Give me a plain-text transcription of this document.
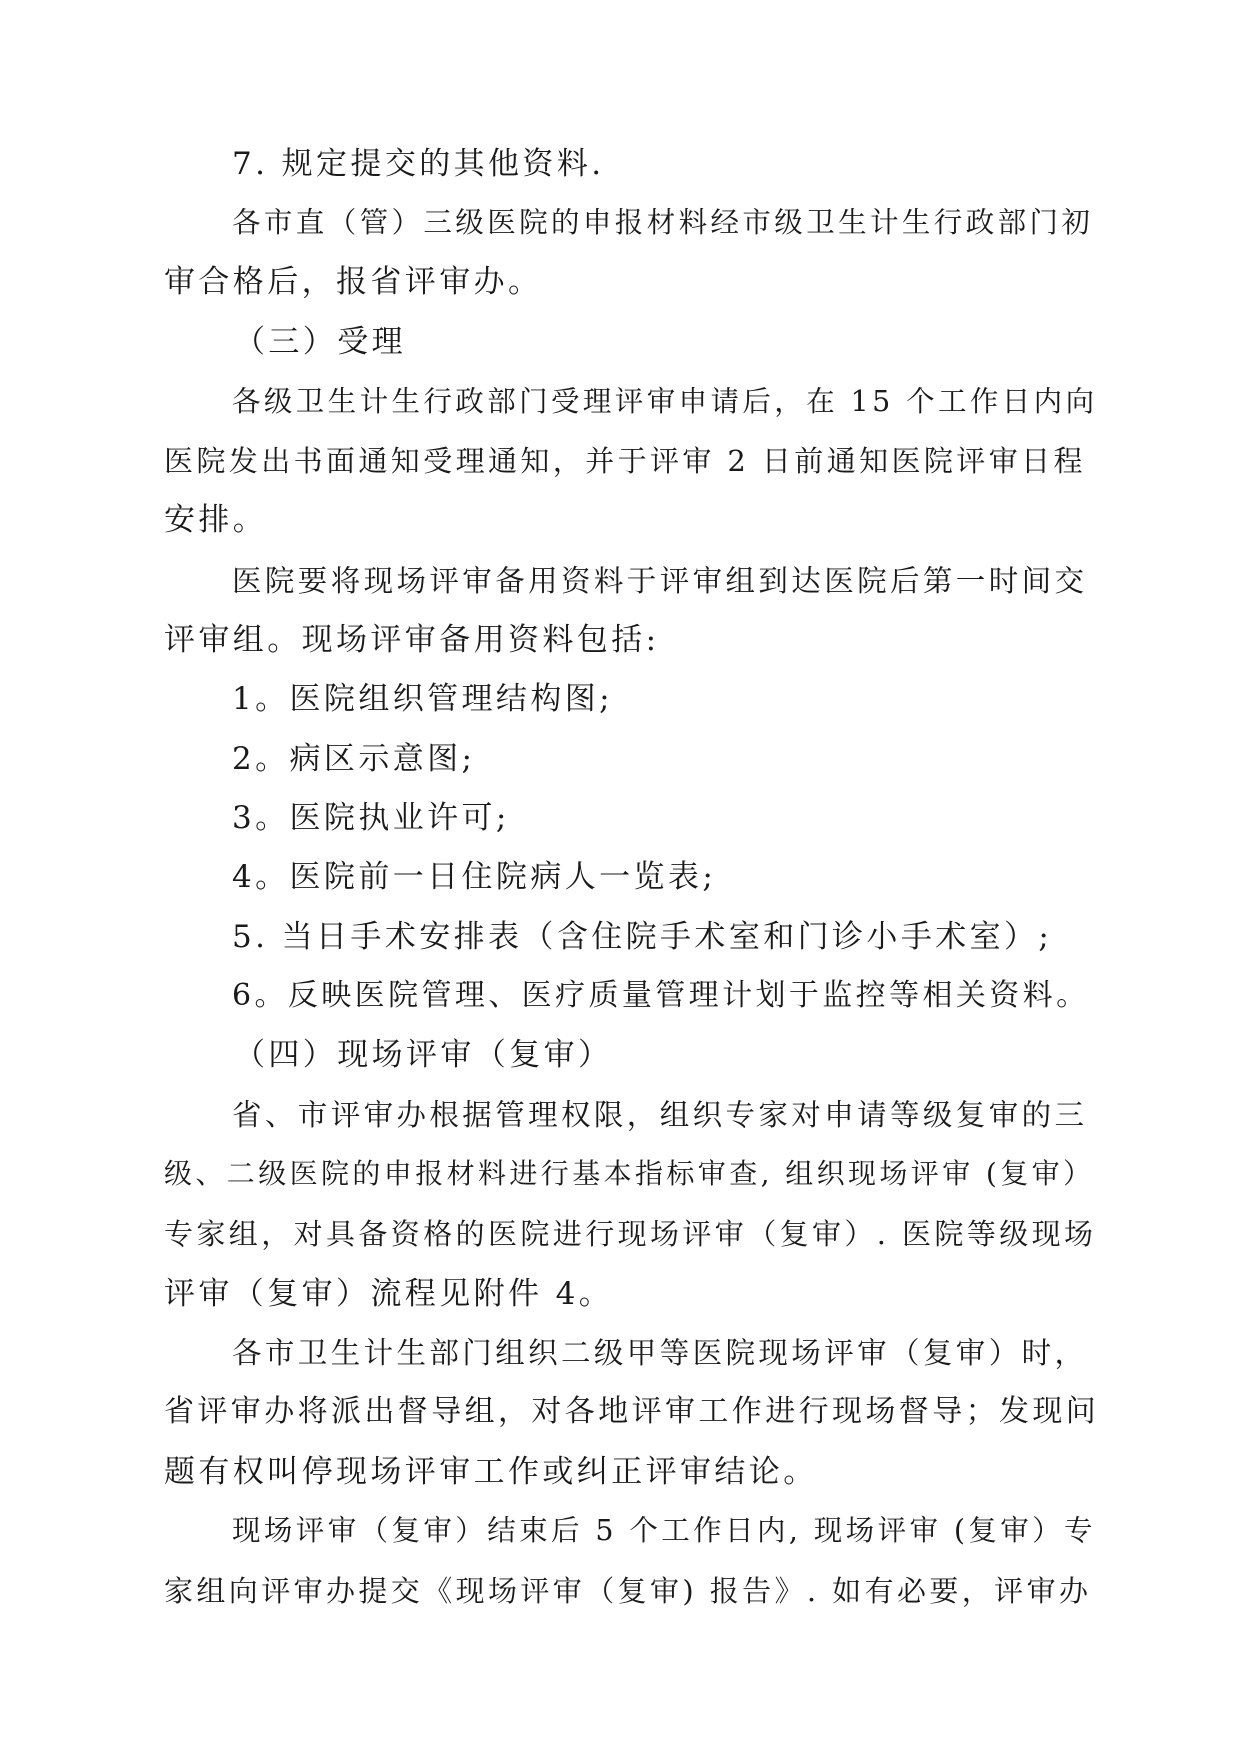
7. 规定提交的其他资料.
各市直（管）三级医院的申报材料经市级卫生计生行政部门初
审合格后，报省评审办。
（三）受理
各级卫生计生行政部门受理评审申请后，在 15 个工作日内向
医院发出书面通知受理通知，并于评审 2 日前通知医院评审日程
安排。
医院要将现场评审备用资料于评审组到达医院后第一时间交
评审组。现场评审备用资料包括:
1。医院组织管理结构图;
2。病区示意图;
3。医院执业许可;
4。医院前一日住院病人一览表;
5. 当日手术安排表（含住院手术室和门诊小手术室）;
6。反映医院管理、医疗质量管理计划于监控等相关资料。
（四）现场评审（复审）
省、市评审办根据管理权限，组织专家对申请等级复审的三
级、二级医院的申报材料进行基本指标审查, 组织现场评审 (复审）
专家组，对具备资格的医院进行现场评审（复审）. 医院等级现场
评审（复审）流程见附件 4。
各市卫生计生部门组织二级甲等医院现场评审（复审）时，
省评审办将派出督导组，对各地评审工作进行现场督导；发现问
题有权叫停现场评审工作或纠正评审结论。
现场评审（复审）结束后 5 个工作日内, 现场评审 (复审）专
家组向评审办提交《现场评审（复审) 报告》. 如有必要，评审办
